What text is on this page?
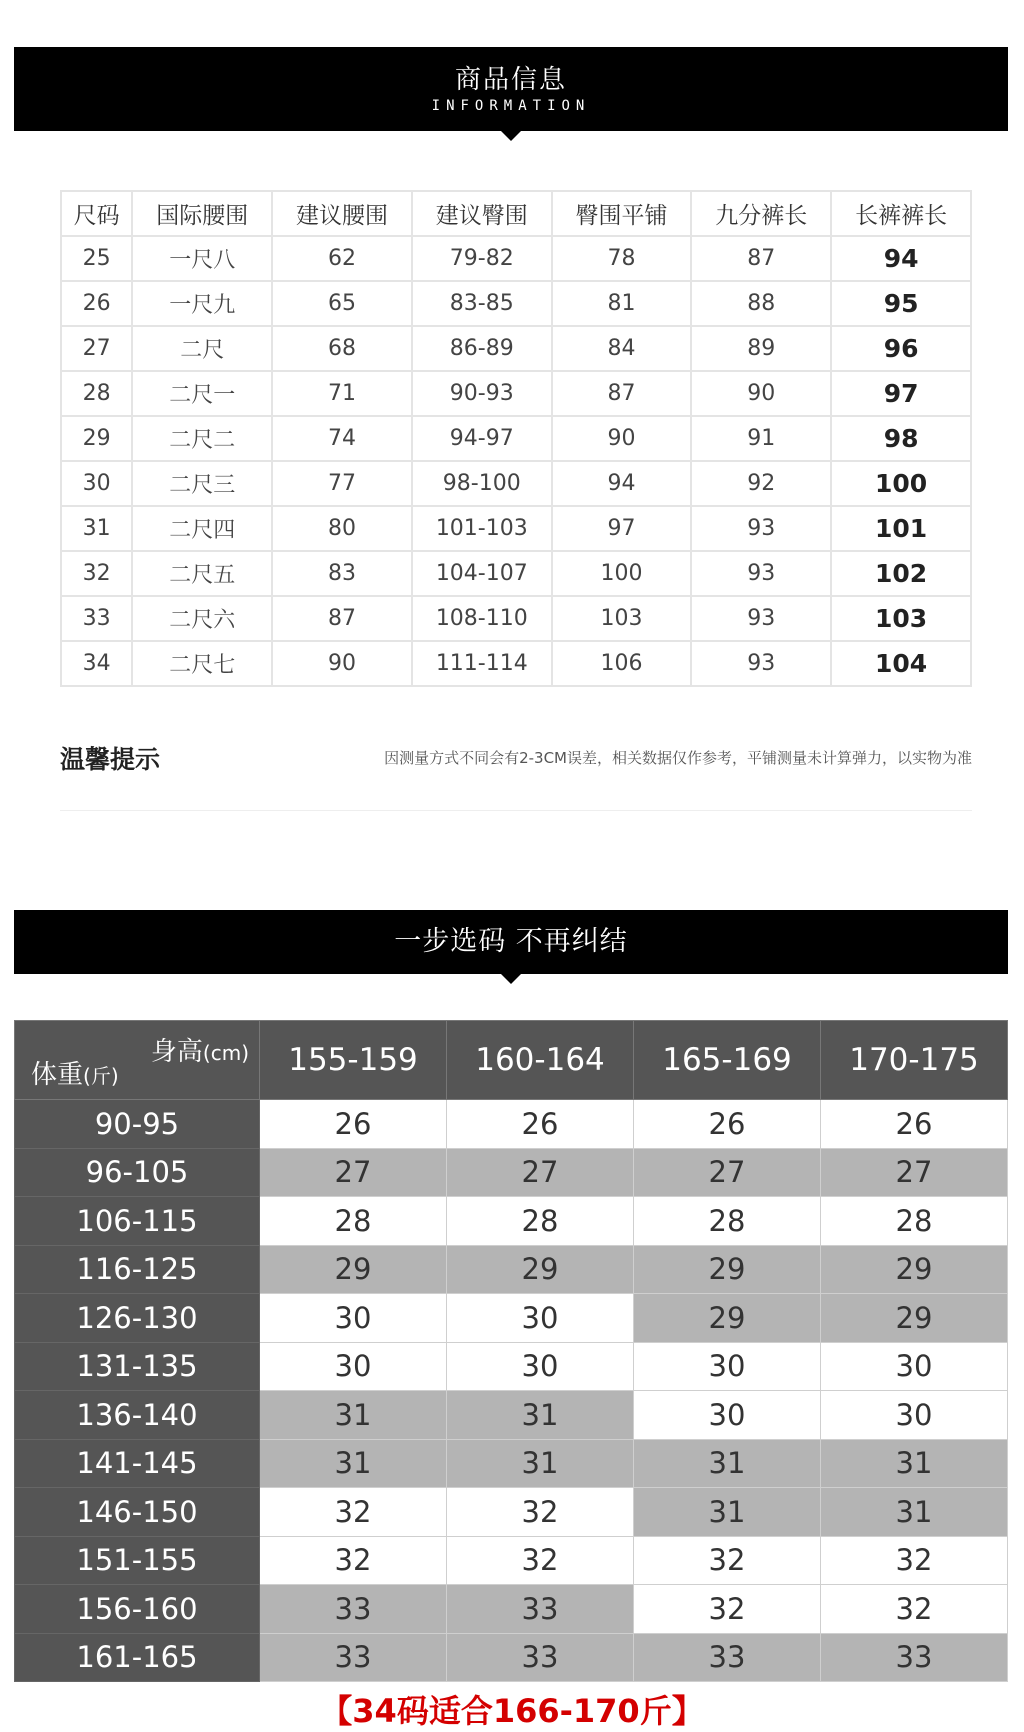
商品信息
INFORMATION
尺码	国际腰围	建议腰围	建议臀围	臀围平铺	九分裤长	长裤裤长
25	一尺八	62	79-82	78	87	94
26	一尺九	65	83-85	81	88	95
27	二尺	68	86-89	84	89	96
28	二尺一	71	90-93	87	90	97
29	二尺二	74	94-97	90	91	98
30	二尺三	77	98-100	94	92	100
31	二尺四	80	101-103	97	93	101
32	二尺五	83	104-107	100	93	102
33	二尺六	87	108-110	103	93	103
34	二尺七	90	111-114	106	93	104
温馨提示	因测量方式不同会有2-3CM误差，相关数据仅作参考，平铺测量未计算弹力，以实物为准
一步选码 不再纠结
身高(cm)
体重(斤)	155-159	160-164	165-169	170-175
90-95	26	26	26	26
96-105	27	27	27	27
106-115	28	28	28	28
116-125	29	29	29	29
126-130	30	30	29	29
131-135	30	30	30	30
136-140	31	31	30	30
141-145	31	31	31	31
146-150	32	32	31	31
151-155	32	32	32	32
156-160	33	33	32	32
161-165	33	33	33	33
【34码适合166-170斤】
